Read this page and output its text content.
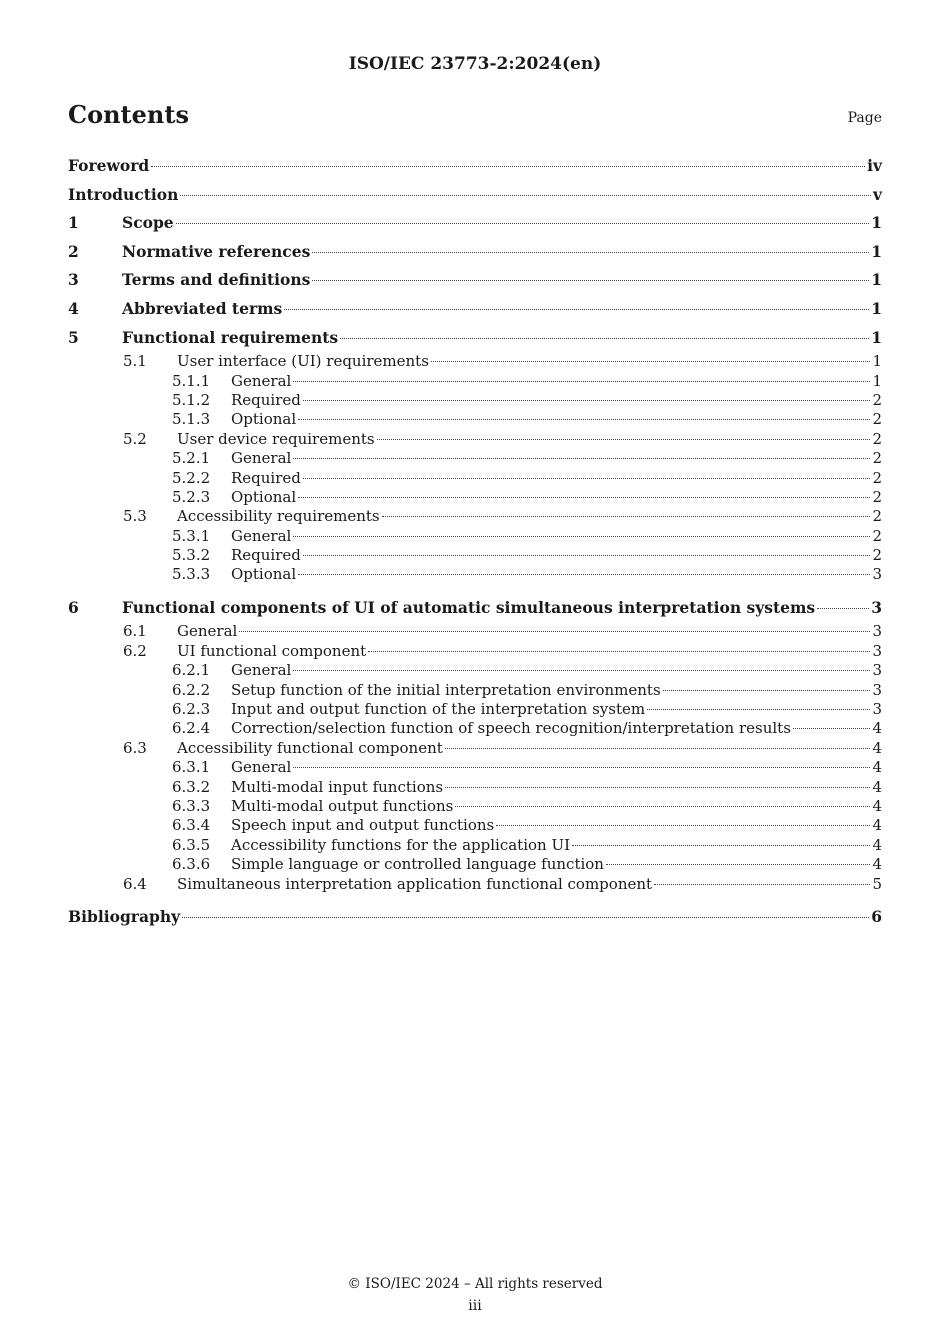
ISO/IEC 23773-2:2024(en)
Contents	Page
Foreword	iv
Introduction	v
1	Scope	1
2	Normative references	1
3	Terms and definitions	1
4	Abbreviated terms	1
5	Functional requirements	1
5.1	User interface (UI) requirements	1
5.1.1	General	1
5.1.2	Required	2
5.1.3	Optional	2
5.2	User device requirements	2
5.2.1	General	2
5.2.2	Required	2
5.2.3	Optional	2
5.3	Accessibility requirements	2
5.3.1	General	2
5.3.2	Required	2
5.3.3	Optional	3
6	Functional components of UI of automatic simultaneous interpretation systems	3
6.1	General	3
6.2	UI functional component	3
6.2.1	General	3
6.2.2	Setup function of the initial interpretation environments	3
6.2.3	Input and output function of the interpretation system	3
6.2.4	Correction/selection function of speech recognition/interpretation results	4
6.3	Accessibility functional component	4
6.3.1	General	4
6.3.2	Multi-modal input functions	4
6.3.3	Multi-modal output functions	4
6.3.4	Speech input and output functions	4
6.3.5	Accessibility functions for the application UI	4
6.3.6	Simple language or controlled language function	4
6.4	Simultaneous interpretation application functional component	5
Bibliography	6
© ISO/IEC 2024 – All rights reserved
iii
